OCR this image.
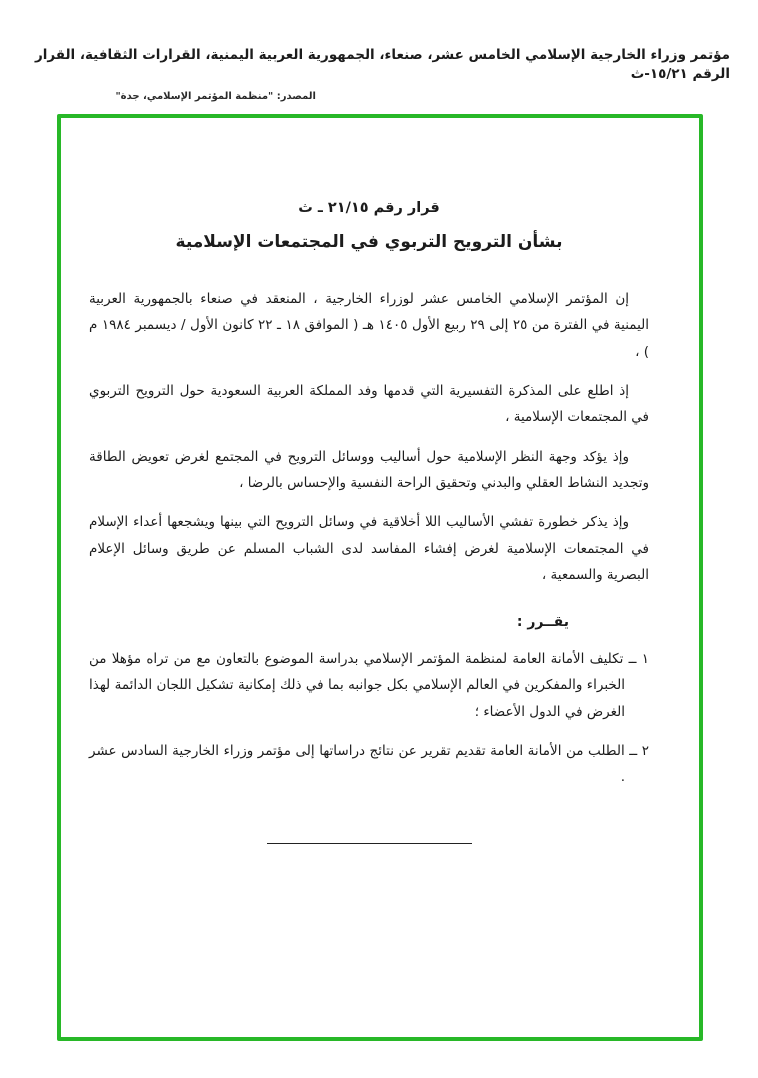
مؤتمر وزراء الخارجية الإسلامي الخامس عشر، صنعاء، الجمهورية العربية اليمنية، القرارات الثقافية، القرار الرقم ١٥/٢١-ث
المصدر: "منظمة المؤتمر الإسلامي، جدة"
قرار رقم ٢١/١٥ ـ ث
بشأن الترويح التربوي في المجتمعات الإسلامية

إن المؤتمر الإسلامي الخامس عشر لوزراء الخارجية ، المنعقد في صنعاء بالجمهورية العربية اليمنية في الفترة من ٢٥ إلى ٢٩ ربيع الأول ١٤٠٥ هـ ( الموافق ١٨ ـ ٢٢ كانون الأول / ديسمبر ١٩٨٤ م ) ،

إذ اطلع على المذكرة التفسيرية التي قدمها وفد المملكة العربية السعودية حول الترويح التربوي في المجتمعات الإسلامية ،

وإذ يؤكد وجهة النظر الإسلامية حول أساليب ووسائل الترويح في المجتمع لغرض تعويض الطاقة وتجديد النشاط العقلي والبدني وتحقيق الراحة النفسية والإحساس بالرضا ،

وإذ يذكر خطورة تفشي الأساليب اللا أخلاقية في وسائل الترويح التي بينها ويشجعها أعداء الإسلام في المجتمعات الإسلامية لغرض إفشاء المفاسد لدى الشباب المسلم عن طريق وسائل الإعلام البصرية والسمعية ،

يقــرر :

١ ــ تكليف الأمانة العامة لمنظمة المؤتمر الإسلامي بدراسة الموضوع بالتعاون مع من تراه مؤهلا من الخبراء والمفكرين في العالم الإسلامي بكل جوانبه بما في ذلك إمكانية تشكيل اللجان الدائمة لهذا الغرض في الدول الأعضاء ؛

٢ ــ الطلب من الأمانة العامة تقديم تقرير عن نتائج دراساتها إلى مؤتمر وزراء الخارجية السادس عشر .
